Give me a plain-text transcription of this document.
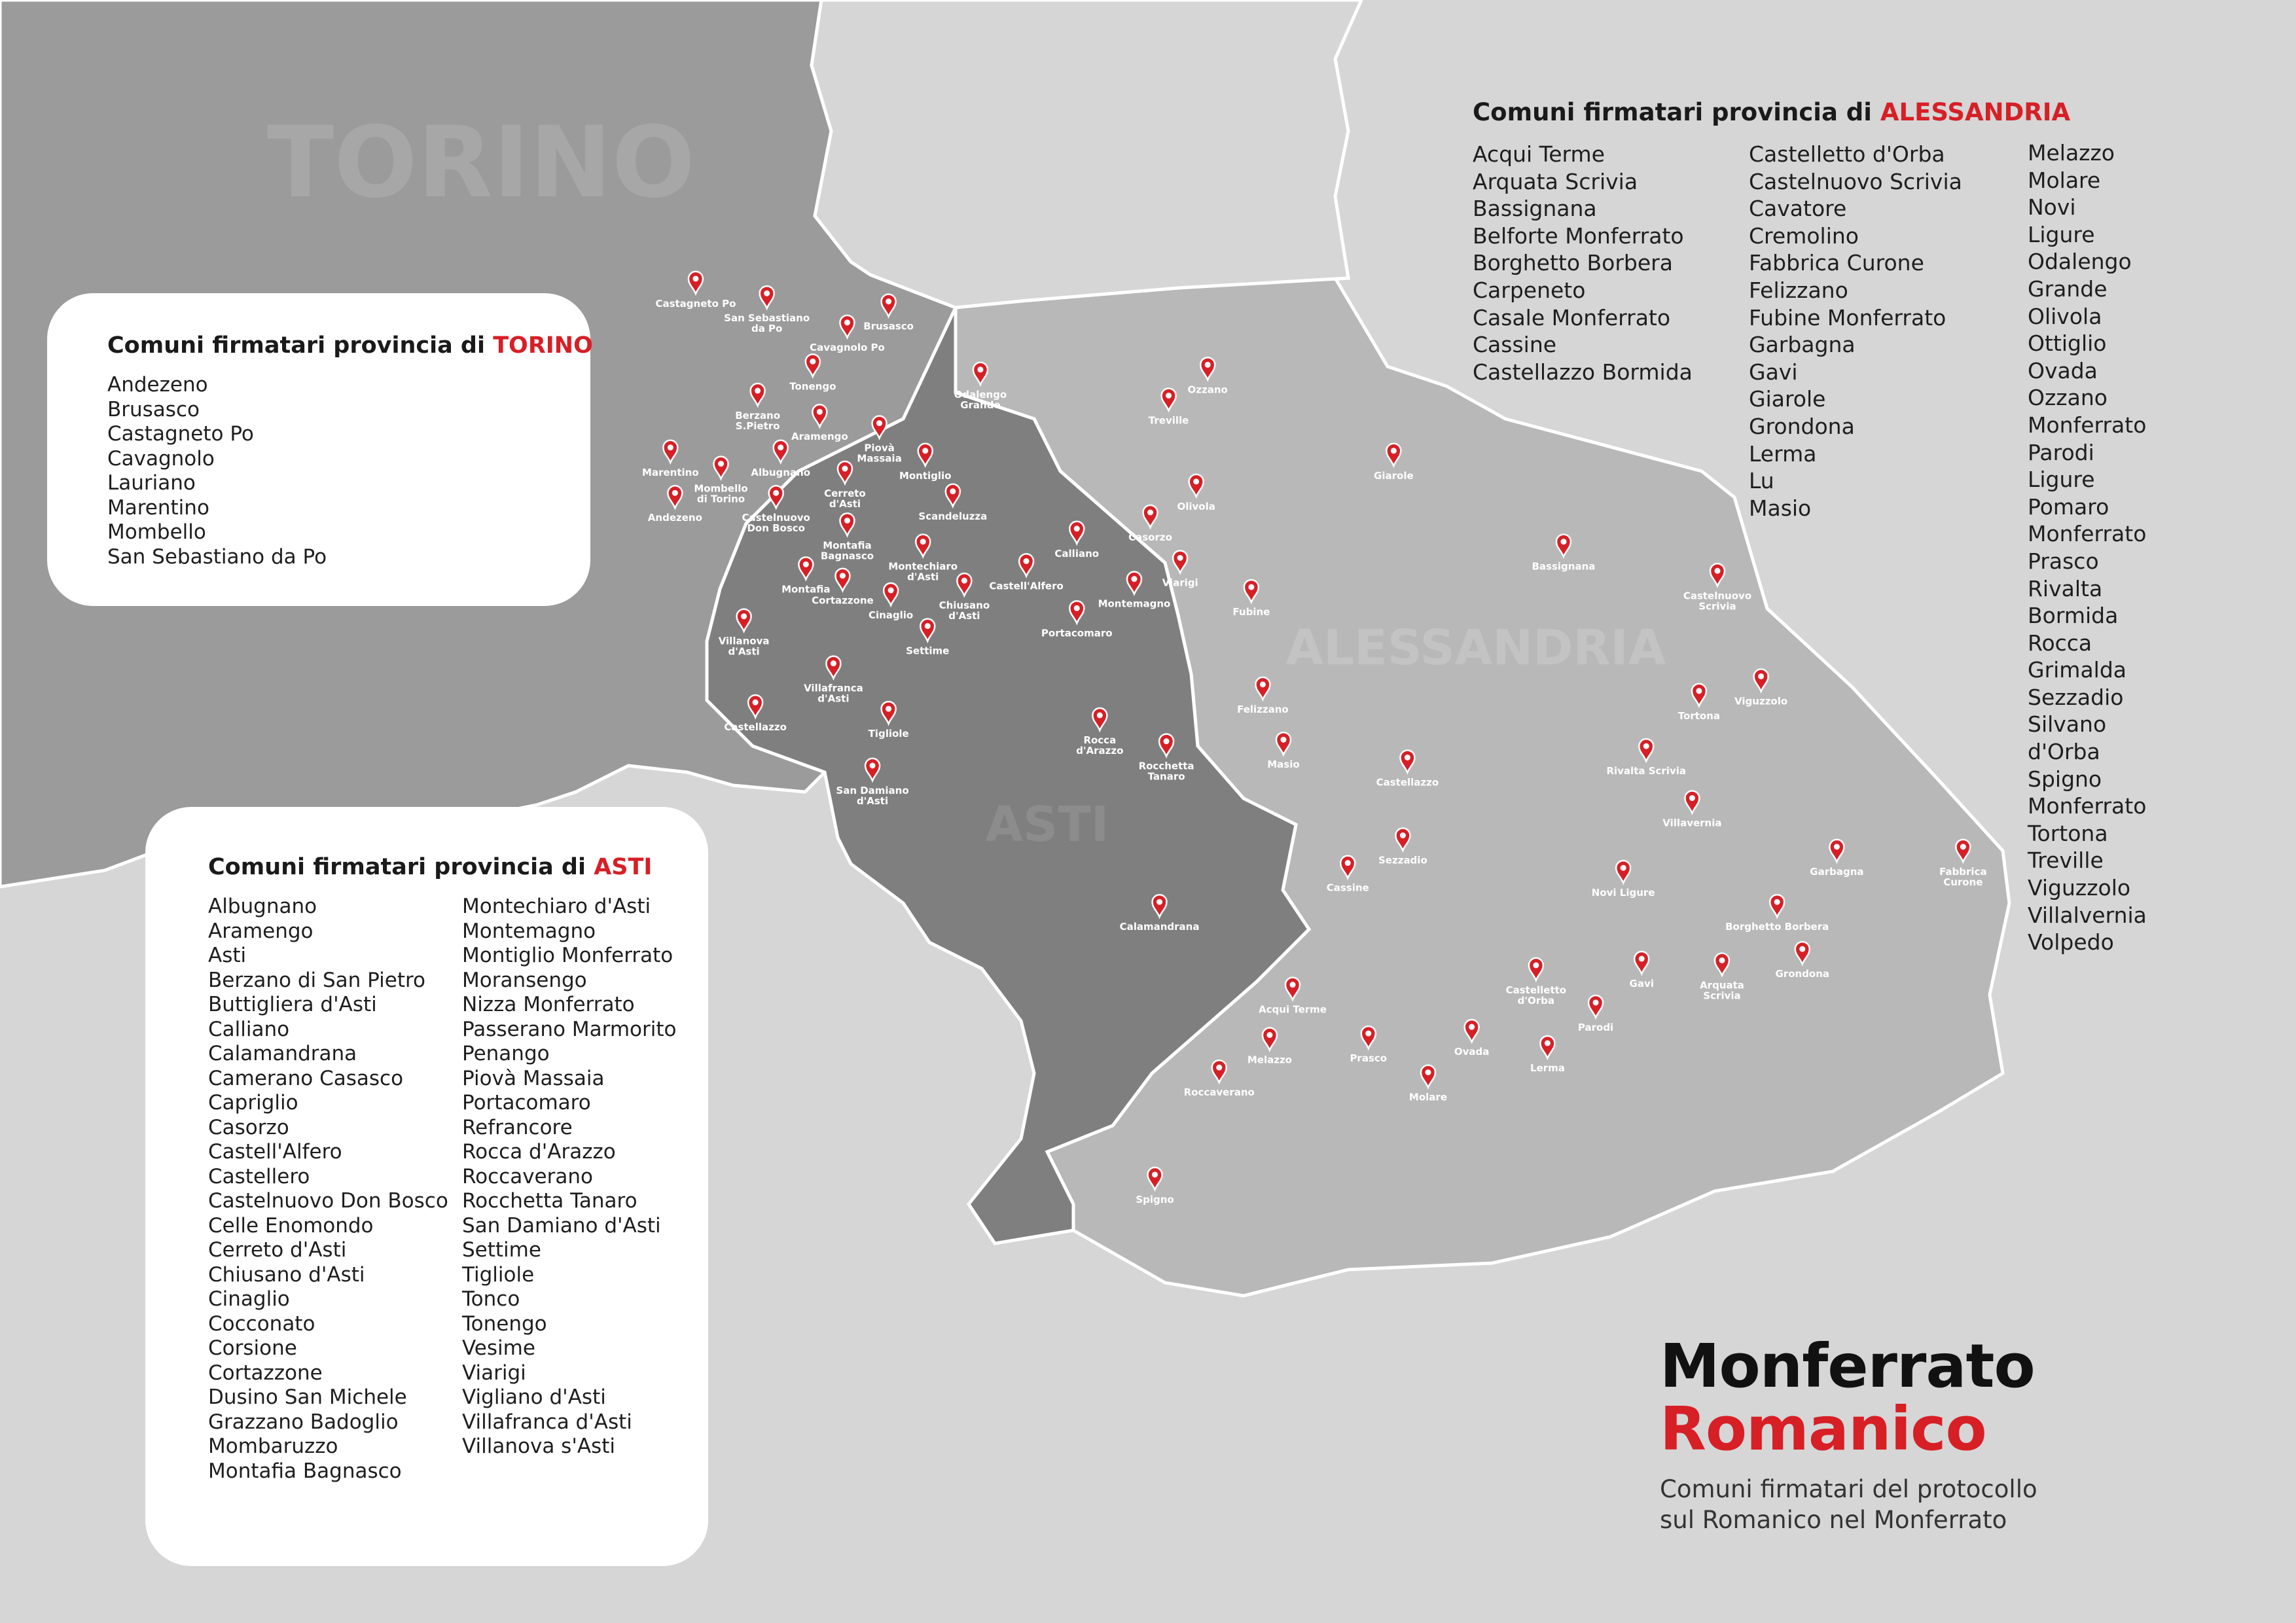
TORINO
ASTI
ALESSANDRIA
Castagneto Po
San Sebastiano
da Po	Brusasco
Cavagnolo Po
Tonengo
Odalengo
Grande
Ozzano
Treville
Berzano
S.Pietro
Aramengo
Piovà
Massaia
Marentino	Albugnano	Montiglio
Mombello
di Torino	Cerreto
d'Asti
Andezeno	Castelnuovo
Don Bosco
Scandeluzza
Olivola
Giarole
Casorzo
Montafia
Bagnasco	Calliano
Montechiaro
d'Asti	Viarigi
Montafia	Castell'Alfero
Cortazzone	Montemagno
Cinaglio
Chiusano
d'Asti	Fubine
Villanova
d'Asti
Portacomaro
Settime
Bassignana
Castelnuovo
Scrivia
Villafranca
d'Asti
Felizzano
Tortona
Viguzzolo
Castellazzo
Tigliole
Rocca
d'Arazzo
Rocchetta
Tanaro
Masio
Rivalta Scrivia
Castellazzo
San Damiano
d'Asti
Villavernia
Sezzadio
Garbagna	Fabbrica
Curone
Cassine	Novi Ligure
Calamandrana	Borghetto Borbera
Grondona
Castelletto
d'Orba
Gavi	Arquata
Scrivia
Acqui Terme
Parodi
Melazzo	Prasco
Ovada
Lerma
Roccaverano	Molare
Spigno
Comuni firmatari provincia di TORINO
Andezeno
Brusasco
Castagneto Po
Cavagnolo
Lauriano
Marentino
Mombello
San Sebastiano da Po
Comuni firmatari provincia di ASTI
Albugnano
Aramengo
Asti
Berzano di San Pietro
Buttigliera d'Asti
Calliano
Calamandrana
Camerano Casasco
Capriglio
Casorzo
Castell'Alfero
Castellero
Castelnuovo Don Bosco
Celle Enomondo
Cerreto d'Asti
Chiusano d'Asti
Cinaglio
Cocconato
Corsione
Cortazzone
Dusino San Michele
Grazzano Badoglio
Mombaruzzo
Montafia Bagnasco
Montechiaro d'Asti
Montemagno
Montiglio Monferrato
Moransengo
Nizza Monferrato
Passerano Marmorito
Penango
Piovà Massaia
Portacomaro
Refrancore
Rocca d'Arazzo
Roccaverano
Rocchetta Tanaro
San Damiano d'Asti
Settime
Tigliole
Tonco
Tonengo
Vesime
Viarigi
Vigliano d'Asti
Villafranca d'Asti
Villanova s'Asti
Comuni firmatari provincia di ALESSANDRIA
Acqui Terme
Arquata Scrivia
Bassignana
Belforte Monferrato
Borghetto Borbera
Carpeneto
Casale Monferrato
Cassine
Castellazzo Bormida
Castelletto d'Orba
Castelnuovo Scrivia
Cavatore
Cremolino
Fabbrica Curone
Felizzano
Fubine Monferrato
Garbagna
Gavi
Giarole
Grondona
Lerma
Lu
Masio
Melazzo
Molare
Novi Ligure
Odalengo Grande
Olivola
Ottiglio
Ovada
Ozzano Monferrato
Parodi Ligure
Pomaro Monferrato
Prasco
Rivalta Bormida
Rocca Grimalda
Sezzadio
Silvano d'Orba
Spigno Monferrato
Tortona
Treville
Viguzzolo
Villalvernia
Volpedo
Monferrato
Romanico
Comuni firmatari del protocollo
sul Romanico nel Monferrato
